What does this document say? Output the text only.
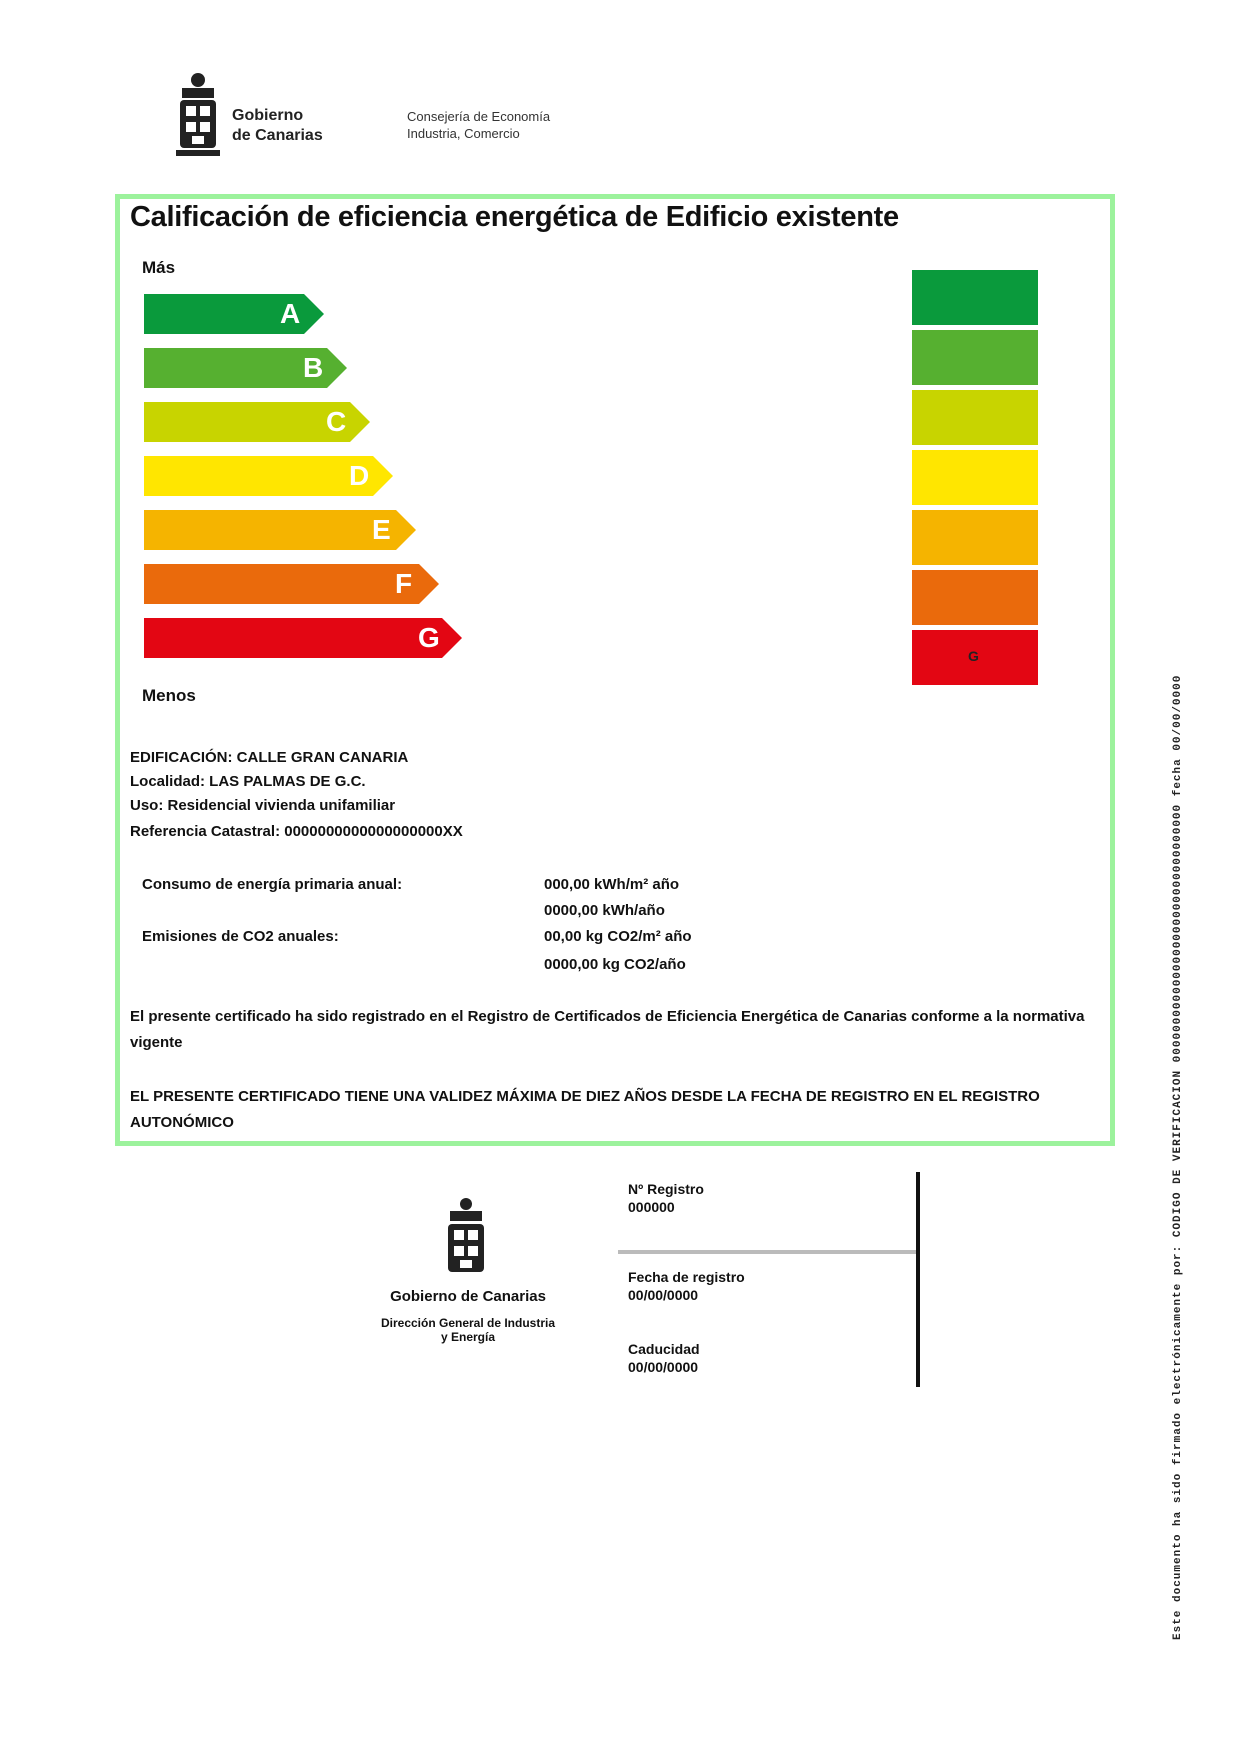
Gobierno
de Canarias
Consejería de Economía
Industria, Comercio
Calificación de eficiencia energética de Edificio existente
Más
Menos
A
B
C
D
E
F
G
G
EDIFICACIÓN: CALLE GRAN CANARIA
Localidad: LAS PALMAS DE G.C.
Uso: Residencial vivienda unifamiliar
Referencia Catastral: 0000000000000000000XX
Consumo de energía primaria anual:	000,00 kWh/m² año
0000,00 kWh/año
Emisiones de CO2 anuales:	00,00 kg CO2/m² año
0000,00 kg CO2/año
El presente certificado ha sido registrado en el Registro de Certificados de Eficiencia Energética de Canarias conforme a la normativa vigente
EL PRESENTE CERTIFICADO TIENE UNA VALIDEZ MÁXIMA DE DIEZ AÑOS DESDE LA FECHA DE REGISTRO EN EL REGISTRO AUTONÓMICO
Gobierno de Canarias
Dirección General de Industria
y Energía
Nº Registro
000000
Fecha de registro
00/00/0000
Caducidad
00/00/0000	Este documento ha sido firmado electrónicamente por: CODIGO DE VERIFICACION 0000000000000000000000000000000000 fecha 00/00/0000
